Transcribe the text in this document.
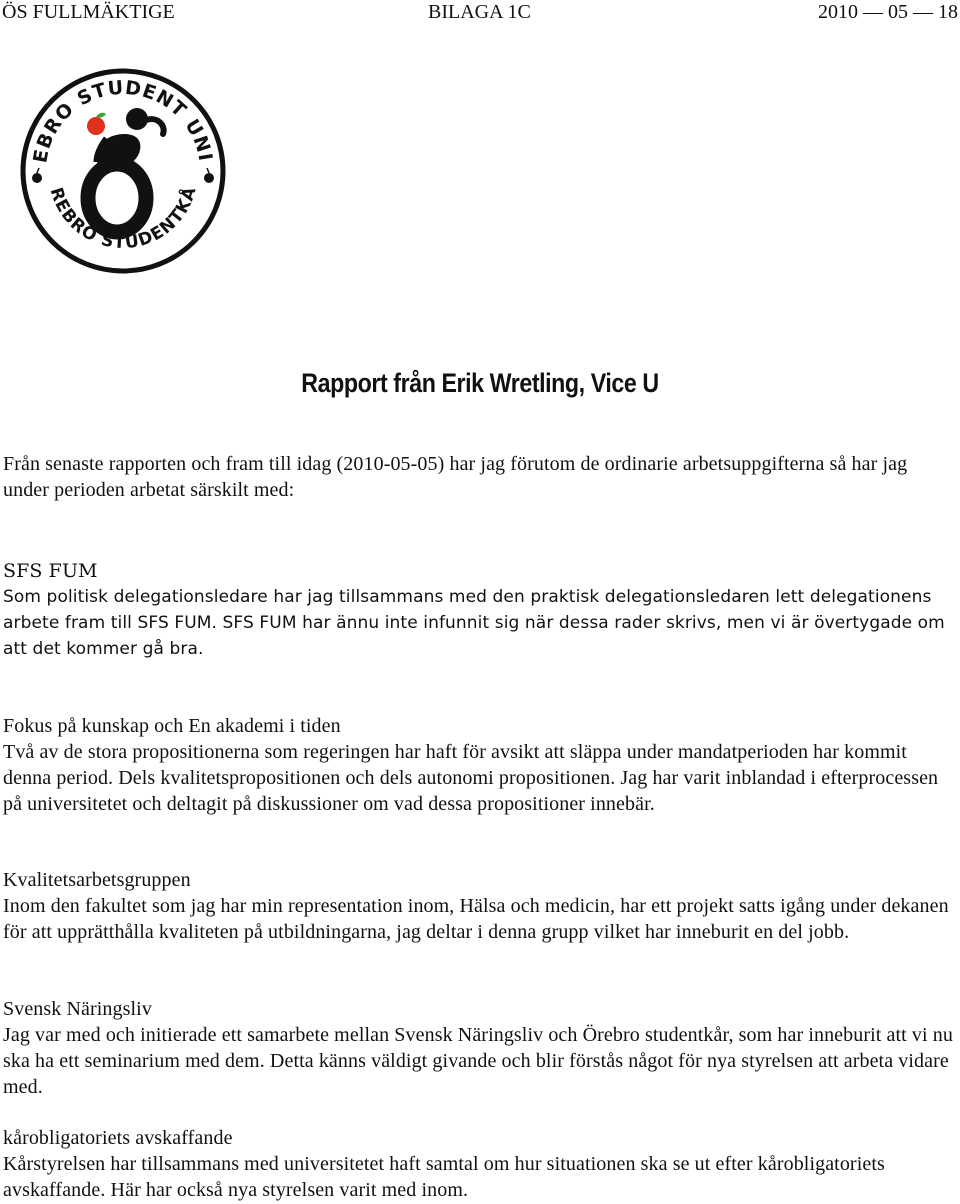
ÖS FULLMÄKTIGE	BILAGA 1C	2010 — 05 — 18
EBRO STUDENT UNI
REBRO STUDENTKÅ
Rapport från Erik Wretling, Vice U
Från senaste rapporten och fram till idag (2010-05-05) har jag förutom de ordinarie arbetsuppgifterna så har jag under perioden arbetat särskilt med:
SFS FUM

Som politisk delegationsledare har jag tillsammans med den praktisk delegationsledaren lett delegationens arbete fram till SFS FUM. SFS FUM har ännu inte infunnit sig när dessa rader skrivs, men vi är övertygade om att det kommer gå bra.

Fokus på kunskap och En akademi i tiden

Två av de stora propositionerna som regeringen har haft för avsikt att släppa under mandatperioden har kommit denna period. Dels kvalitetspropositionen och dels autonomi propositionen. Jag har varit inblandad i efterprocessen på universitetet och deltagit på diskussioner om vad dessa propositioner innebär.

Kvalitetsarbetsgruppen

Inom den fakultet som jag har min representation inom, Hälsa och medicin, har ett projekt satts igång under dekanen för att upprätthålla kvaliteten på utbildningarna, jag deltar i denna grupp vilket har inneburit en del jobb.

Svensk Näringsliv

Jag var med och initierade ett samarbete mellan Svensk Näringsliv och Örebro studentkår, som har inneburit att vi nu ska ha ett seminarium med dem. Detta känns väldigt givande och blir förstås något för nya styrelsen att arbeta vidare med.

kårobligatoriets avskaffande

Kårstyrelsen har tillsammans med universitetet haft samtal om hur situationen ska se ut efter kårobligatoriets avskaffande. Här har också nya styrelsen varit med inom.
